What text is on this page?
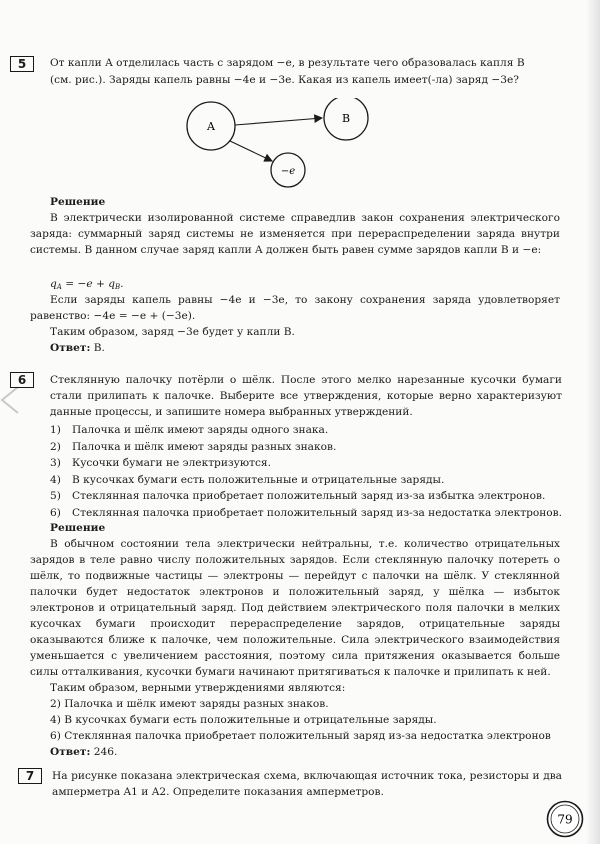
5	От капли A отделилась часть с зарядом −e, в результате чего образовалась капля B
(см. рис.). Заряды капель равны −4e и −3e. Какая из капель имеет(-ла) заряд −3e?
A
B
−e
Решение
В электрически изолированной системе справедлив закон сохранения электрического заряда: суммарный заряд системы не изменяется при перераспределении заряда внутри системы. В данном случае заряд капли A должен быть равен сумме зарядов капли B и −e:
$q_A = -e + q_B$.
Если заряды капель равны −4e и −3e, то закону сохранения заряда удовлетворяет равенство: −4e = −e + (−3e).
Таким образом, заряд −3e будет у капли B.
Ответ: B.
6	Стеклянную палочку потёрли о шёлк. После этого мелко нарезанные кусочки бумаги стали прилипать к палочке. Выберите все утверждения, которые верно характеризуют данные процессы, и запишите номера выбранных утверждений.
1) Палочка и шёлк имеют заряды одного знака.
2) Палочка и шёлк имеют заряды разных знаков.
3) Кусочки бумаги не электризуются.
4) В кусочках бумаги есть положительные и отрицательные заряды.
5) Стеклянная палочка приобретает положительный заряд из-за избытка электронов.
6) Стеклянная палочка приобретает положительный заряд из-за недостатка электронов.
Решение
В обычном состоянии тела электрически нейтральны, т.е. количество отрицательных зарядов в теле равно числу положительных зарядов. Если стеклянную палочку потереть о шёлк, то подвижные частицы — электроны — перейдут с палочки на шёлк. У стеклянной палочки будет недостаток электронов и положительный заряд, у шёлка — избыток электронов и отрицательный заряд. Под действием электрического поля палочки в мелких кусочках бумаги происходит перераспределение зарядов, отрицательные заряды оказываются ближе к палочке, чем положительные. Сила электрического взаимодействия уменьшается с увеличением расстояния, поэтому сила притяжения оказывается больше силы отталкивания, кусочки бумаги начинают притягиваться к палочке и прилипать к ней.
Таким образом, верными утверждениями являются:
2) Палочка и шёлк имеют заряды разных знаков.
4) В кусочках бумаги есть положительные и отрицательные заряды.
6) Стеклянная палочка приобретает положительный заряд из-за недостатка электронов
Ответ: 246.
7	На рисунке показана электрическая схема, включающая источник тока, резисторы и два амперметра A1 и A2. Определите показания амперметров.
79
